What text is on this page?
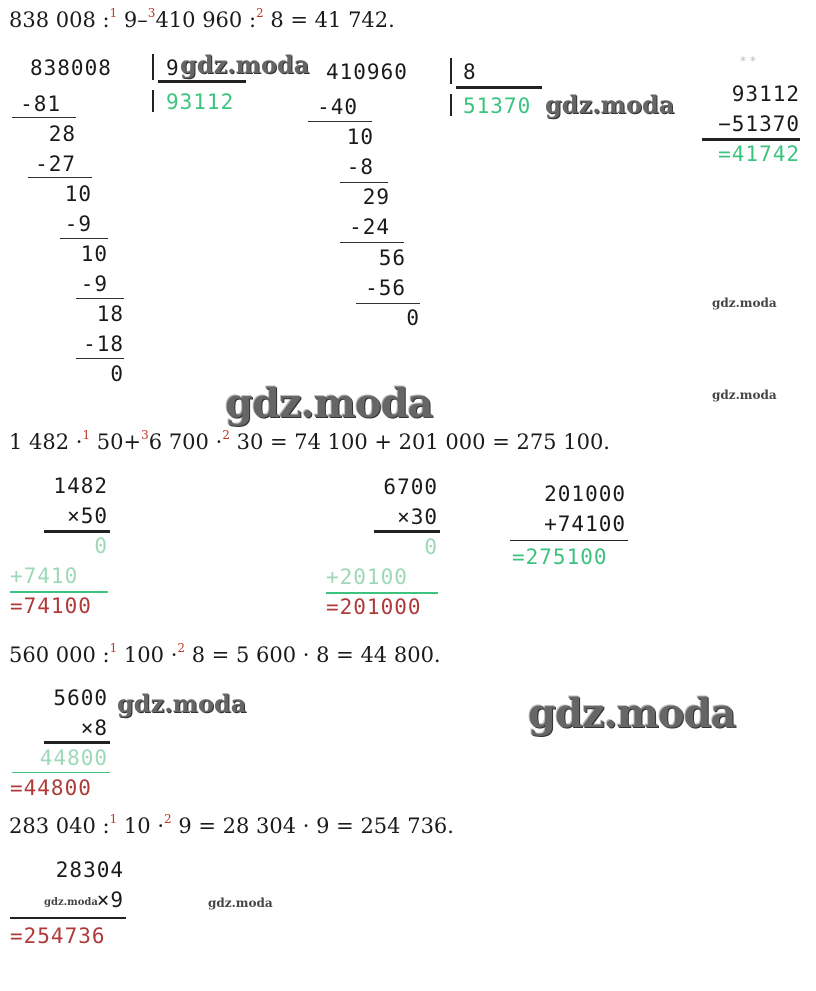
838 008 :$^1$ 9–$^3$410 960 :$^2$ 8 = 41 742.
838008	9
93112
-81
28
-27
10
-9
10
-9
18
-18
0
410960	8
51370
-40
10
-8
29
-24
56
-56
0
* *
93112
−51370
=41742
1 482 ·$^1$ 50+$^3$6 700 ·$^2$ 30 = 74 100 + 201 000 = 275 100.
1482
×50
0
+7410
=74100
6700
×30
0
+20100
=201000
201000
+74100
=275100
560 000 :$^1$ 100 ·$^2$ 8 = 5 600 · 8 = 44 800.
5600
×8
44800
=44800
283 040 :$^1$ 10 ·$^2$ 9 = 28 304 · 9 = 254 736.
28304
×9
=254736
gdz.moda
gdz.moda
gdz.moda
gdz.moda	gdz.moda
gdz.moda	gdz.moda
gdz.moda	gdz.moda
